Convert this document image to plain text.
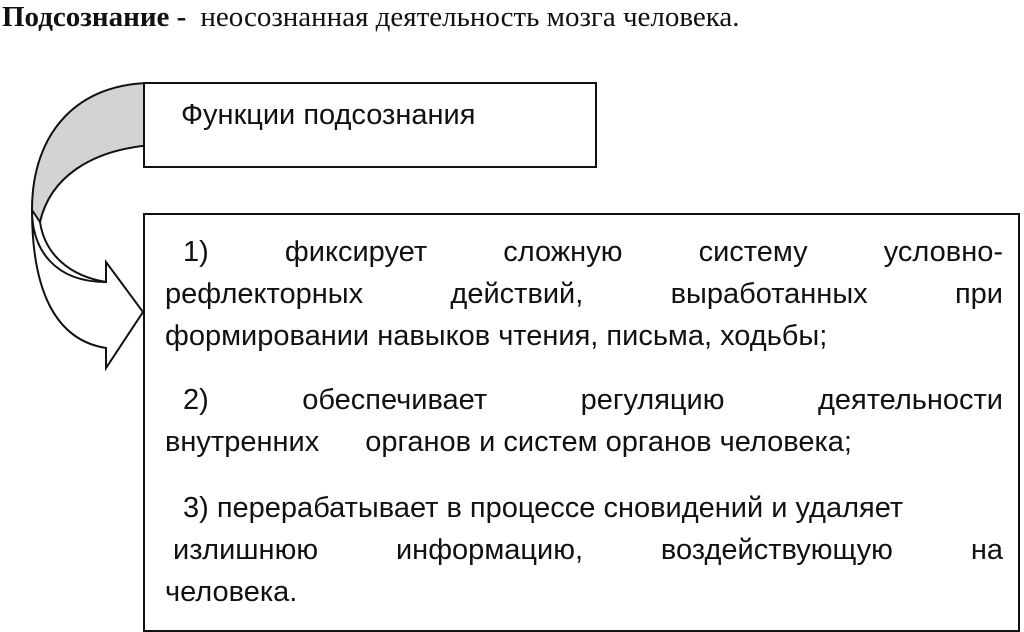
Подсознание - неосознанная деятельность мозга человека.
Функции подсознания
1) фиксирует сложную систему условно-
рефлекторных действий, выработанных при
формировании навыков чтения, письма, ходьбы;
2) обеспечивает регуляцию деятельности
внутренних органов и систем органов человека;
3) перерабатывает в процессе сновидений и удаляет
излишнюю информацию, воздействующую на
человека.
